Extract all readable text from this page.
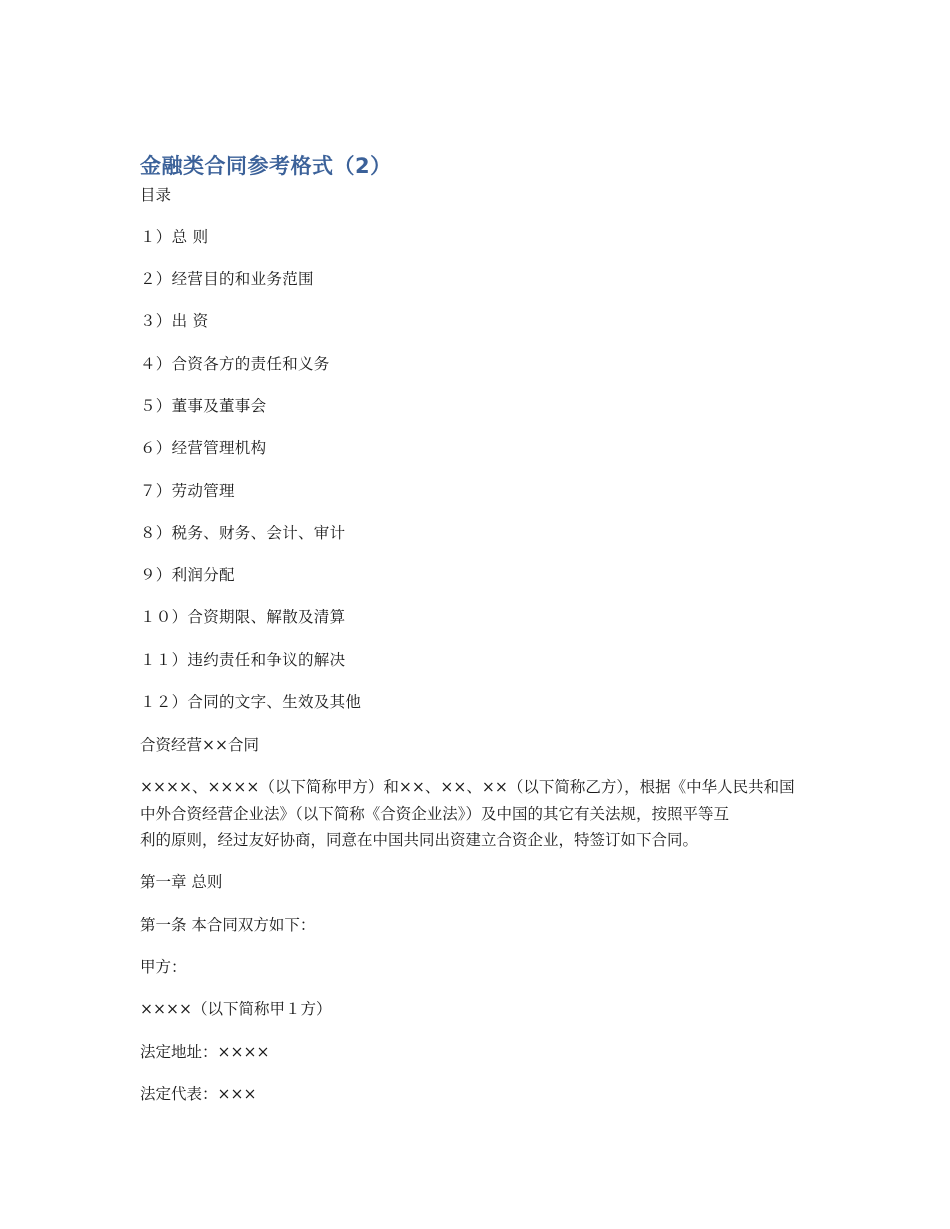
金融类合同参考格式（2）
目录
１）总 则
２）经营目的和业务范围
３）出 资
４）合资各方的责任和义务
５）董事及董事会
６）经营管理机构
７）劳动管理
８）税务、财务、会计、审计
９）利润分配
１０）合资期限、解散及清算
１１）违约责任和争议的解决
１２）合同的文字、生效及其他
合资经营××合同
××××、××××（以下简称甲方）和××、××、××（以下简称乙方），根据《中华人民共和国
中外合资经营企业法》（以下简称《合资企业法》）及中国的其它有关法规，按照平等互
利的原则，经过友好协商，同意在中国共同出资建立合资企业，特签订如下合同。
第一章 总则
第一条 本合同双方如下：
甲方：
××××（以下简称甲１方）
法定地址：××××
法定代表：×××
